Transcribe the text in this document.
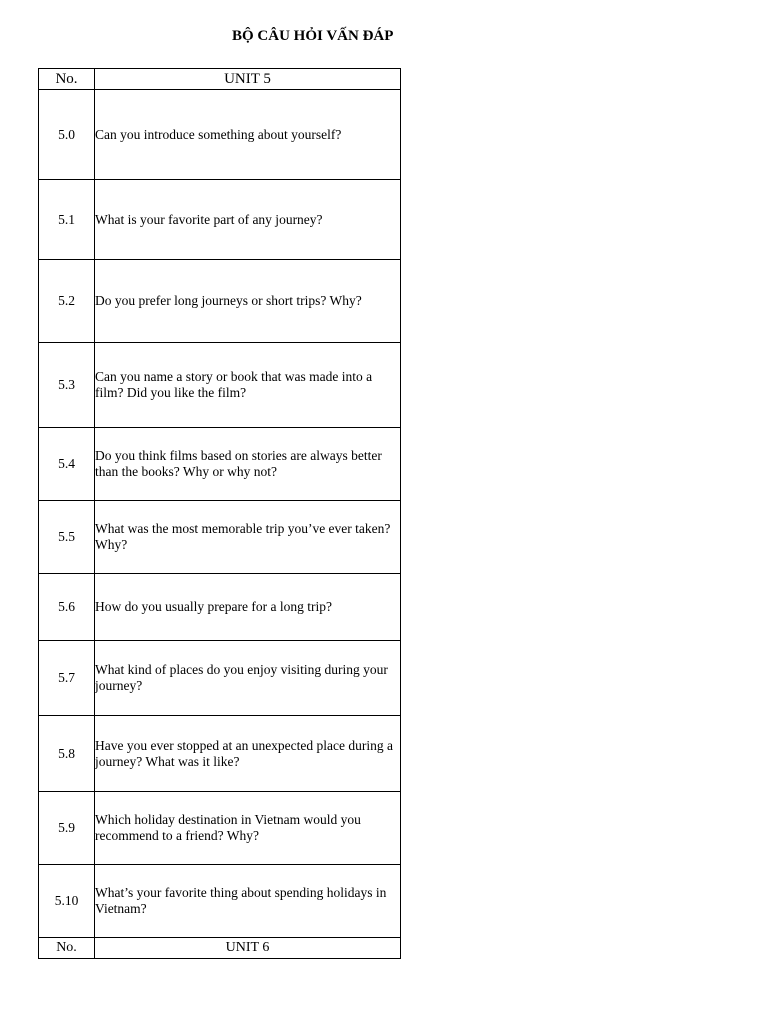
BỘ CÂU HỎI VẤN ĐÁP
No.	UNIT 5
5.0	Can you introduce something about yourself?
5.1	What is your favorite part of any journey?
5.2	Do you prefer long journeys or short trips? Why?
5.3	Can you name a story or book that was made into a film? Did you like the film?
5.4	Do you think films based on stories are always better than the books? Why or why not?
5.5	What was the most memorable trip you’ve ever taken? Why?
5.6	How do you usually prepare for a long trip?
5.7	What kind of places do you enjoy visiting during your journey?
5.8	Have you ever stopped at an unexpected place during a journey? What was it like?
5.9	Which holiday destination in Vietnam would you recommend to a friend? Why?
5.10	What’s your favorite thing about spending holidays in Vietnam?
No.	UNIT 6
